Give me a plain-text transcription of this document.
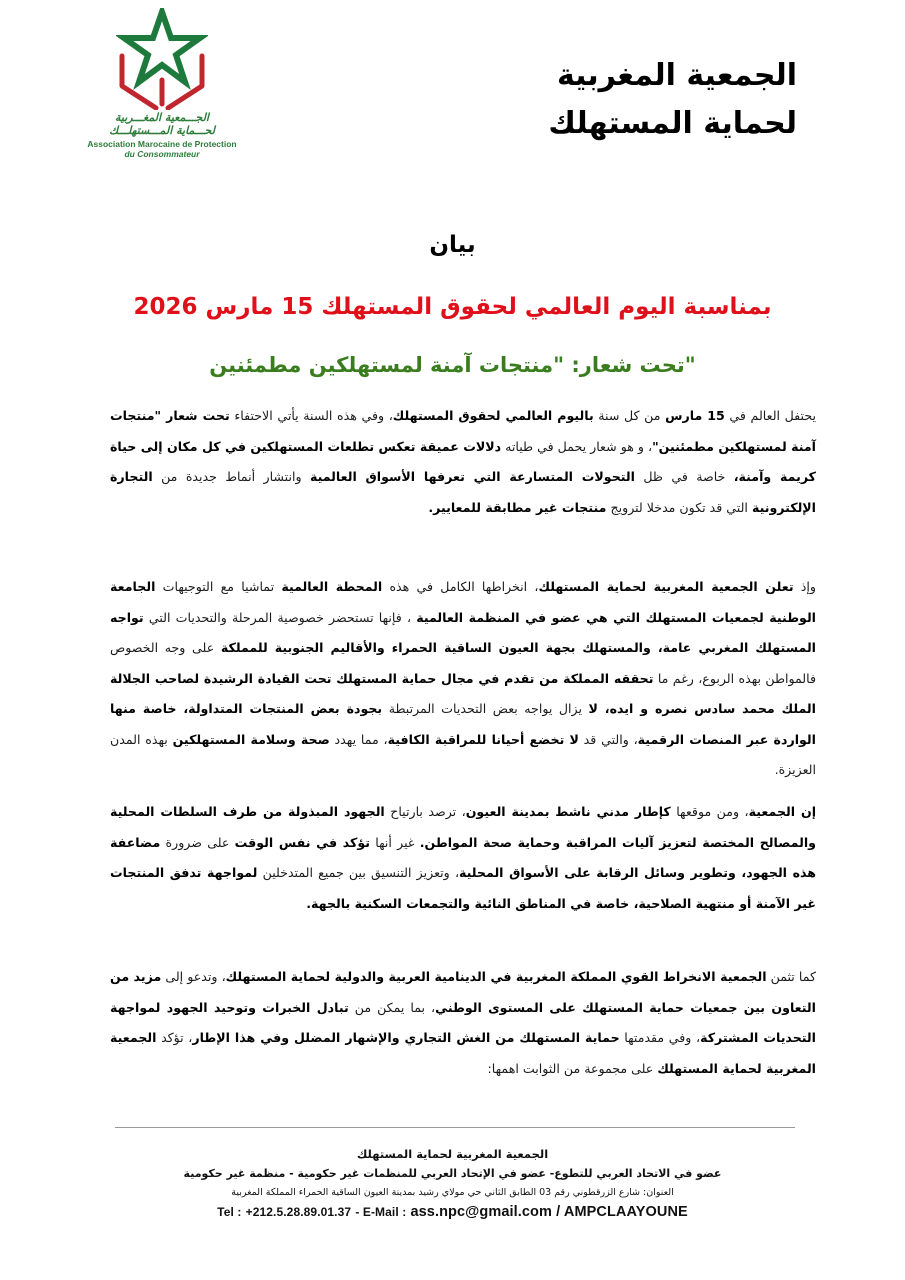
الجـــمعية المغـــربية
لحـــماية المـــستهلـــك
Association Marocaine de Protection
du Consommateur
الجمعية المغربية
لحماية المستهلك
بيان
بمناسبة اليوم العالمي لحقوق المستهلك 15 مارس 2026
"تحت شعار: "منتجات آمنة لمستهلكين مطمئنين
يحتفل العالم في 15 مارس من كل سنة باليوم العالمي لحقوق المستهلك، وفي هذه السنة يأتي الاحتفاء تحت شعار "منتجات آمنة لمستهلكين مطمئنين"، و هو شعار يحمل في طياته دلالات عميقة تعكس تطلعات المستهلكين في كل مكان إلى حياة كريمة وآمنة، خاصة في ظل التحولات المتسارعة التي تعرفها الأسواق العالمية وانتشار أنماط جديدة من التجارة الإلكترونية التي قد تكون مدخلا لترويج منتجات غير مطابقة للمعايير.
وإذ تعلن الجمعية المغربية لحماية المستهلك، انخراطها الكامل في هذه المحطة العالمية تماشيا مع التوجيهات الجامعة الوطنية لجمعيات المستهلك التي هي عضو في المنظمة العالمية ، فإنها تستحضر خصوصية المرحلة والتحديات التي تواجه المستهلك المغربي عامة، والمستهلك بجهة العيون الساقية الحمراء والأقاليم الجنوبية للمملكة على وجه الخصوص فالمواطن بهذه الربوع، رغم ما تحققه المملكة من تقدم في مجال حماية المستهلك تحت القيادة الرشيدة لصاحب الجلالة الملك محمد سادس نصره و ايده، لا يزال يواجه بعض التحديات المرتبطة بجودة بعض المنتجات المتداولة، خاصة منها الواردة عبر المنصات الرقمية، والتي قد لا تخضع أحيانا للمراقبة الكافية، مما يهدد صحة وسلامة المستهلكين بهذه المدن العزيزة.
إن الجمعية، ومن موقعها كإطار مدني ناشط بمدينة العيون، ترصد بارتياح الجهود المبذولة من طرف السلطات المحلية والمصالح المختصة لتعزيز آليات المراقبة وحماية صحة المواطن. غير أنها تؤكد في نفس الوقت على ضرورة مضاعفة هذه الجهود، وتطوير وسائل الرقابة على الأسواق المحلية، وتعزيز التنسيق بين جميع المتدخلين لمواجهة تدفق المنتجات غير الآمنة أو منتهية الصلاحية، خاصة في المناطق النائية والتجمعات السكنية بالجهة.
كما تثمن الجمعية الانخراط القوي المملكة المغربية في الدينامية العربية والدولية لحماية المستهلك، وتدعو إلى مزيد من التعاون بين جمعيات حماية المستهلك على المستوى الوطني، بما يمكن من تبادل الخبرات وتوحيد الجهود لمواجهة التحديات المشتركة، وفي مقدمتها حماية المستهلك من الغش التجاري والإشهار المضلل وفي هذا الإطار، تؤكد الجمعية المغربية لحماية المستهلك على مجموعة من الثوابت اهمها:
الجمعية المغربية لحماية المستهلك
عضو في الاتحاد العربي للتطوع- عضو في الإتحاد العربي للمنظمات غير حكومية - منظمة غير حكومية
العنوان: شارع الزرقطوني رقم 03 الطابق الثاني حي مولاي رشيد بمدينة العيون الساقية الحمراء المملكة المغربية
Tel : +212.5.28.89.01.37 - E-Mail : ass.npc@gmail.com / AMPCLAAYOUNE
